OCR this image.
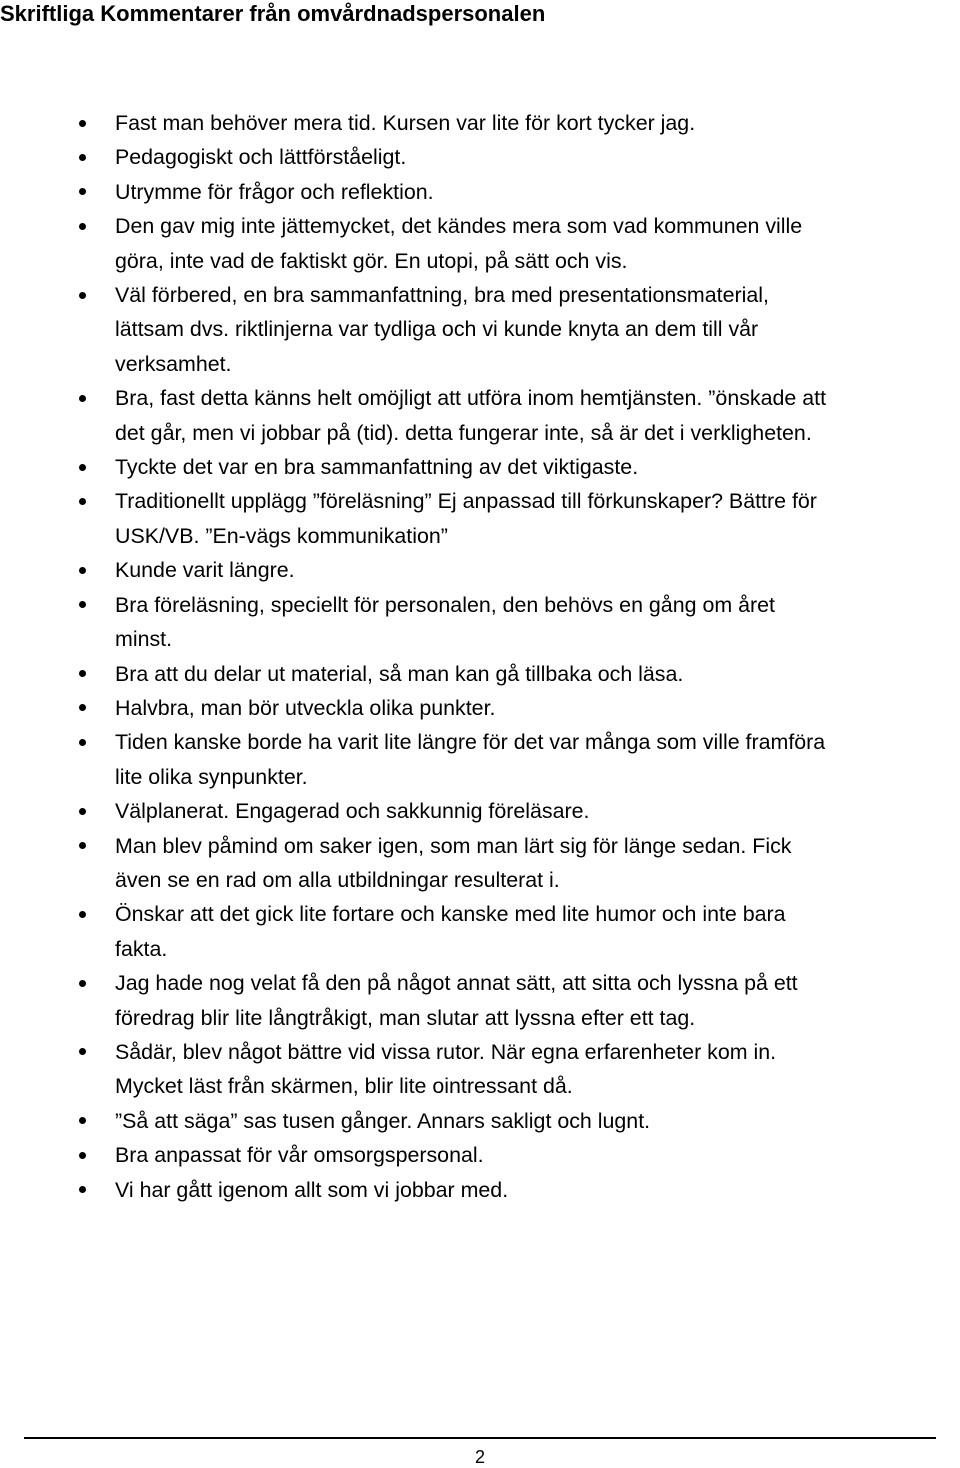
Skriftliga Kommentarer från omvårdnadspersonalen
Fast man behöver mera tid. Kursen var lite för kort tycker jag.
Pedagogiskt och lättförståeligt.
Utrymme för frågor och reflektion.
Den gav mig inte jättemycket, det kändes mera som vad kommunen ville
göra, inte vad de faktiskt gör. En utopi, på sätt och vis.
Väl förbered, en bra sammanfattning, bra med presentationsmaterial,
lättsam dvs. riktlinjerna var tydliga och vi kunde knyta an dem till vår
verksamhet.
Bra, fast detta känns helt omöjligt att utföra inom hemtjänsten. ”önskade att
det går, men vi jobbar på (tid). detta fungerar inte, så är det i verkligheten.
Tyckte det var en bra sammanfattning av det viktigaste.
Traditionellt upplägg ”föreläsning” Ej anpassad till förkunskaper? Bättre för
USK/VB. ”En-vägs kommunikation”
Kunde varit längre.
Bra föreläsning, speciellt för personalen, den behövs en gång om året
minst.
Bra att du delar ut material, så man kan gå tillbaka och läsa.
Halvbra, man bör utveckla olika punkter.
Tiden kanske borde ha varit lite längre för det var många som ville framföra
lite olika synpunkter.
Välplanerat. Engagerad och sakkunnig föreläsare.
Man blev påmind om saker igen, som man lärt sig för länge sedan. Fick
även se en rad om alla utbildningar resulterat i.
Önskar att det gick lite fortare och kanske med lite humor och inte bara
fakta.
Jag hade nog velat få den på något annat sätt, att sitta och lyssna på ett
föredrag blir lite långtråkigt, man slutar att lyssna efter ett tag.
Sådär, blev något bättre vid vissa rutor. När egna erfarenheter kom in.
Mycket läst från skärmen, blir lite ointressant då.
”Så att säga” sas tusen gånger. Annars sakligt och lugnt.
Bra anpassat för vår omsorgspersonal.
Vi har gått igenom allt som vi jobbar med.
2
